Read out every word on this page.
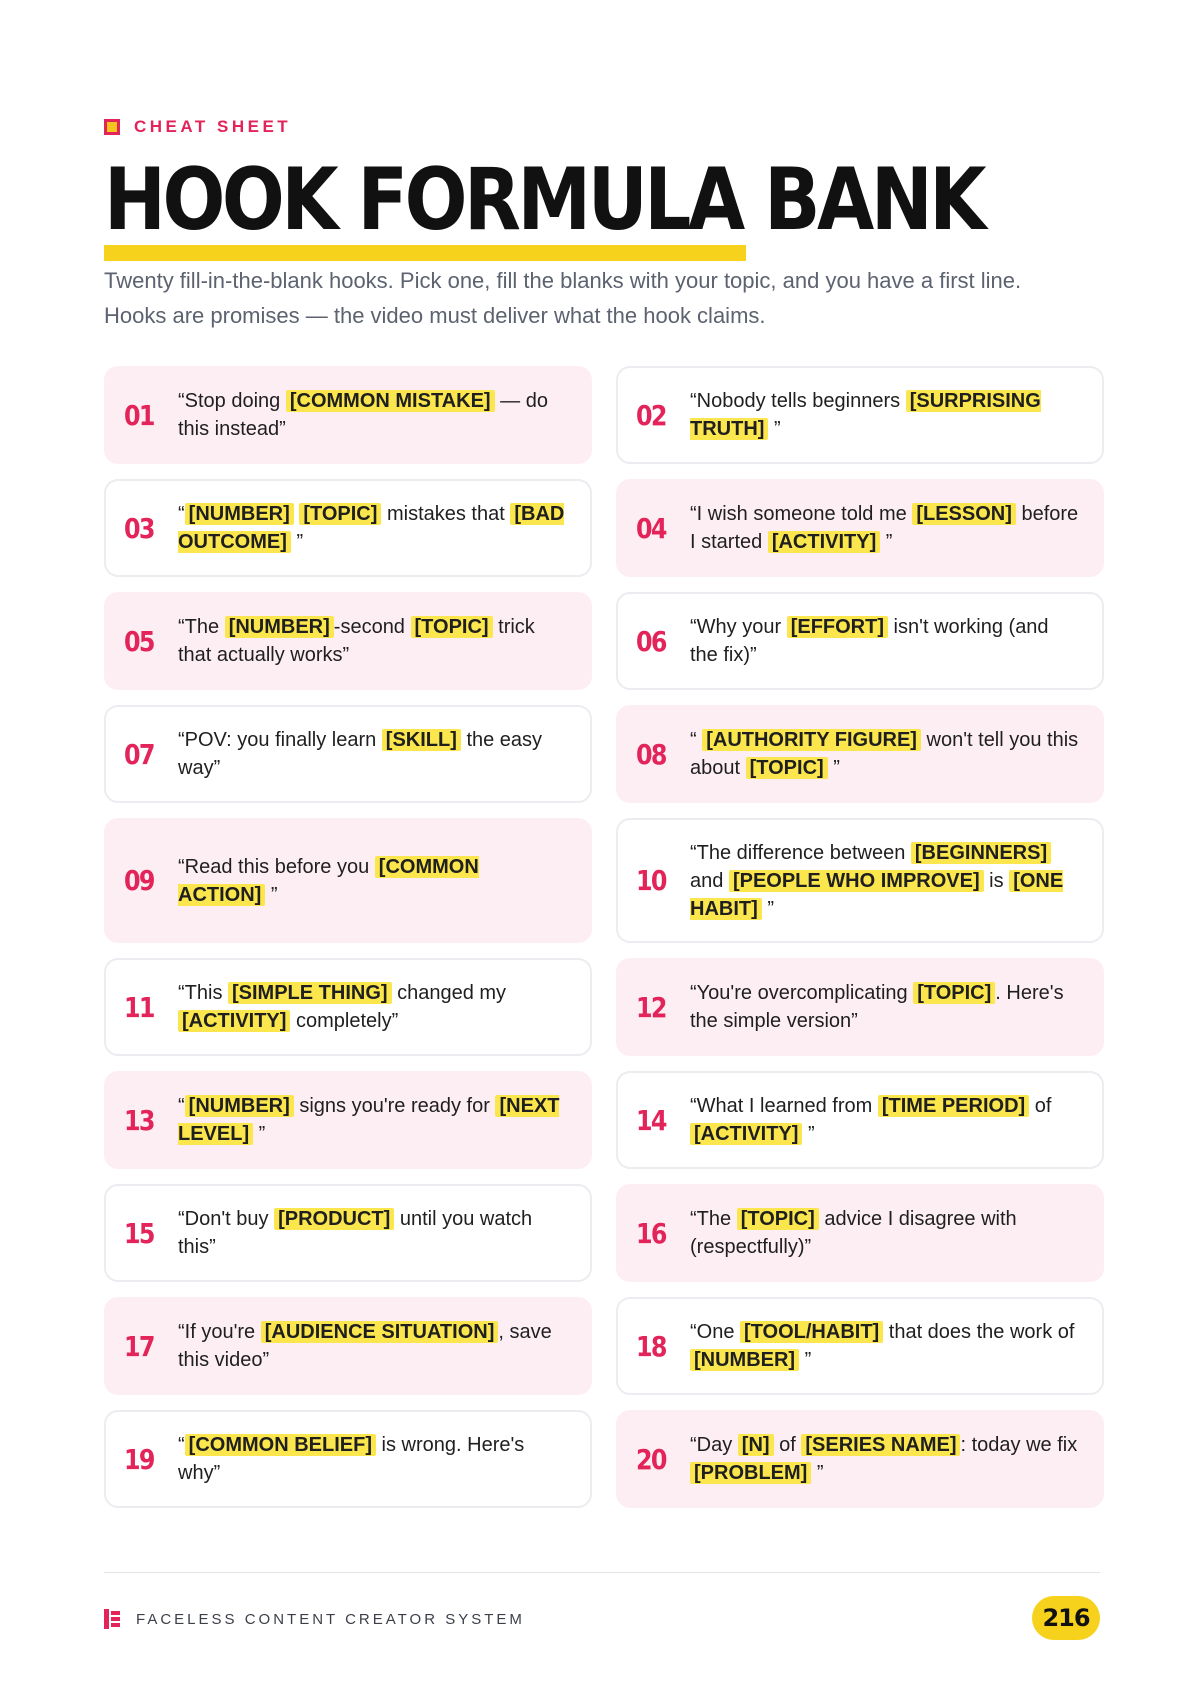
CHEAT SHEET
HOOK FORMULA BANK

Twenty fill-in-the-blank hooks. Pick one, fill the blanks with your topic, and you have a first line. Hooks are promises — the video must deliver what the hook claims.

01	“Stop doing [COMMON MISTAKE] — do this instead”	02	“Nobody tells beginners [SURPRISING TRUTH] ”
03	“ [NUMBER] [TOPIC] mistakes that [BAD OUTCOME] ”	04	“I wish someone told me [LESSON] before I started [ACTIVITY] ”
05	“The [NUMBER] -second [TOPIC] trick that actually works”	06	“Why your [EFFORT] isn't working (and the fix)”
07	“POV: you finally learn [SKILL] the easy way”	08	“ [AUTHORITY FIGURE] won't tell you this about [TOPIC] ”
09	“Read this before you [COMMON ACTION] ”	10
“The difference between [BEGINNERS] and [PEOPLE WHO IMPROVE] is [ONE HABIT] ”
11	“This [SIMPLE THING] changed my [ACTIVITY] completely”	12	“You're overcomplicating [TOPIC] . Here's the simple version”
13	“ [NUMBER] signs you're ready for [NEXT LEVEL] ”	14	“What I learned from [TIME PERIOD] of [ACTIVITY] ”
15	“Don't buy [PRODUCT] until you watch this”	16	“The [TOPIC] advice I disagree with (respectfully)”
17	“If you're [AUDIENCE SITUATION] , save this video”	18	“One [TOOL/HABIT] that does the work of [NUMBER] ”
19	“ [COMMON BELIEF] is wrong. Here's why”	20	“Day [N] of [SERIES NAME] : today we fix [PROBLEM] ”
FACELESS CONTENT CREATOR SYSTEM	216
